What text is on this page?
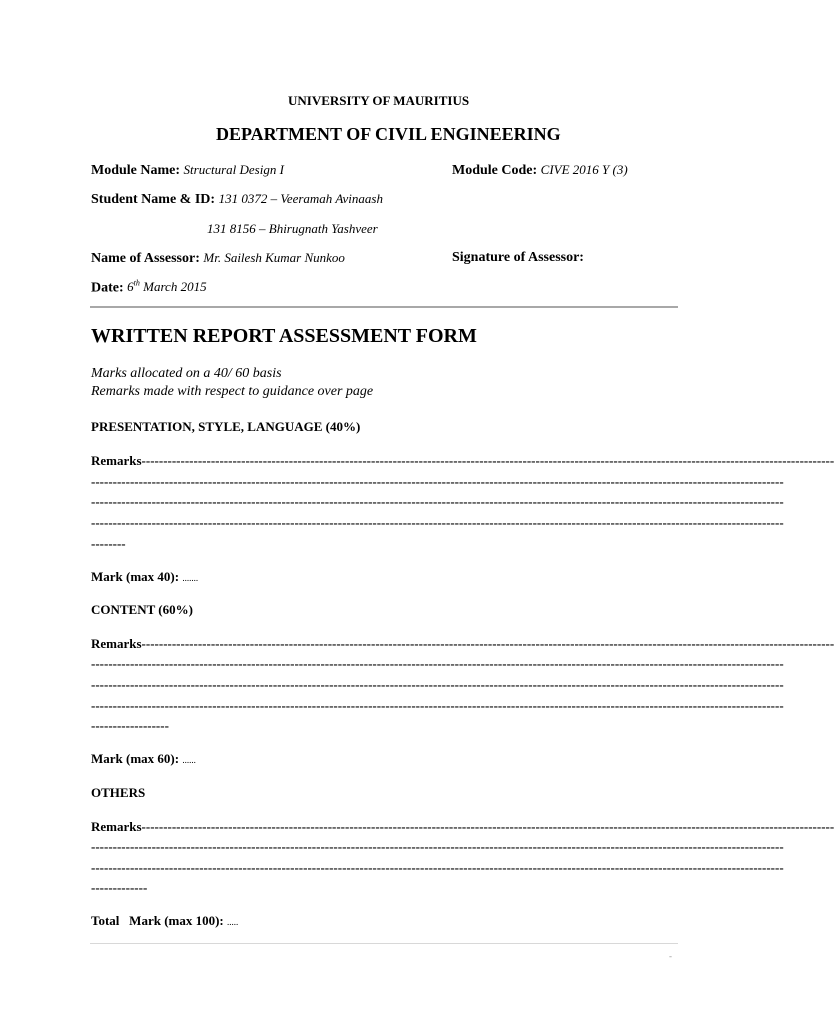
UNIVERSITY OF MAURITIUS
DEPARTMENT OF CIVIL ENGINEERING
Module Name: Structural Design I	Module Code: CIVE 2016 Y (3)
Student Name & ID: 131 0372 – Veeramah Avinaash
131 8156 – Bhirugnath Yashveer
Name of Assessor: Mr. Sailesh Kumar Nunkoo	Signature of Assessor:
Date: 6th March 2015
WRITTEN REPORT ASSESSMENT FORM
Marks allocated on a 40/ 60 basis
Remarks made with respect to guidance over page
PRESENTATION, STYLE, LANGUAGE (40%)
Remarks----------------------------------------------------------------------------------------------------------------------------------------------------------------
----------------------------------------------------------------------------------------------------------------------------------------------------------------
----------------------------------------------------------------------------------------------------------------------------------------------------------------
----------------------------------------------------------------------------------------------------------------------------------------------------------------
--------
Mark (max 40): .......
CONTENT (60%)
Remarks----------------------------------------------------------------------------------------------------------------------------------------------------------------
----------------------------------------------------------------------------------------------------------------------------------------------------------------
----------------------------------------------------------------------------------------------------------------------------------------------------------------
----------------------------------------------------------------------------------------------------------------------------------------------------------------
------------------
Mark (max 60): ......
OTHERS
Remarks----------------------------------------------------------------------------------------------------------------------------------------------------------------
----------------------------------------------------------------------------------------------------------------------------------------------------------------
----------------------------------------------------------------------------------------------------------------------------------------------------------------
-------------
Total   Mark (max 100): .....
-
